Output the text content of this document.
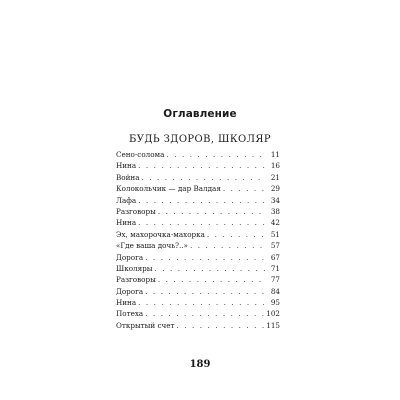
Оглавление
БУДЬ ЗДОРОВ, ШКОЛЯР
Сено-солома . . .	11
Нина . . .	16
Война . . .	21
Колокольчик — дар Валдая . . .	29
Лафа . . .	34
Разговоры . . .	38
Нина . . .	42
Эх, махорочка-махорка . . .	51
«Где ваша дочь?..» . . .	57
Дорога . . .	67
Школяры . . .	71
Разговоры . . .	77
Дорога . . .	84
Нина . . .	95
Потеха . . .	102
Открытый счет . . .	115
189
